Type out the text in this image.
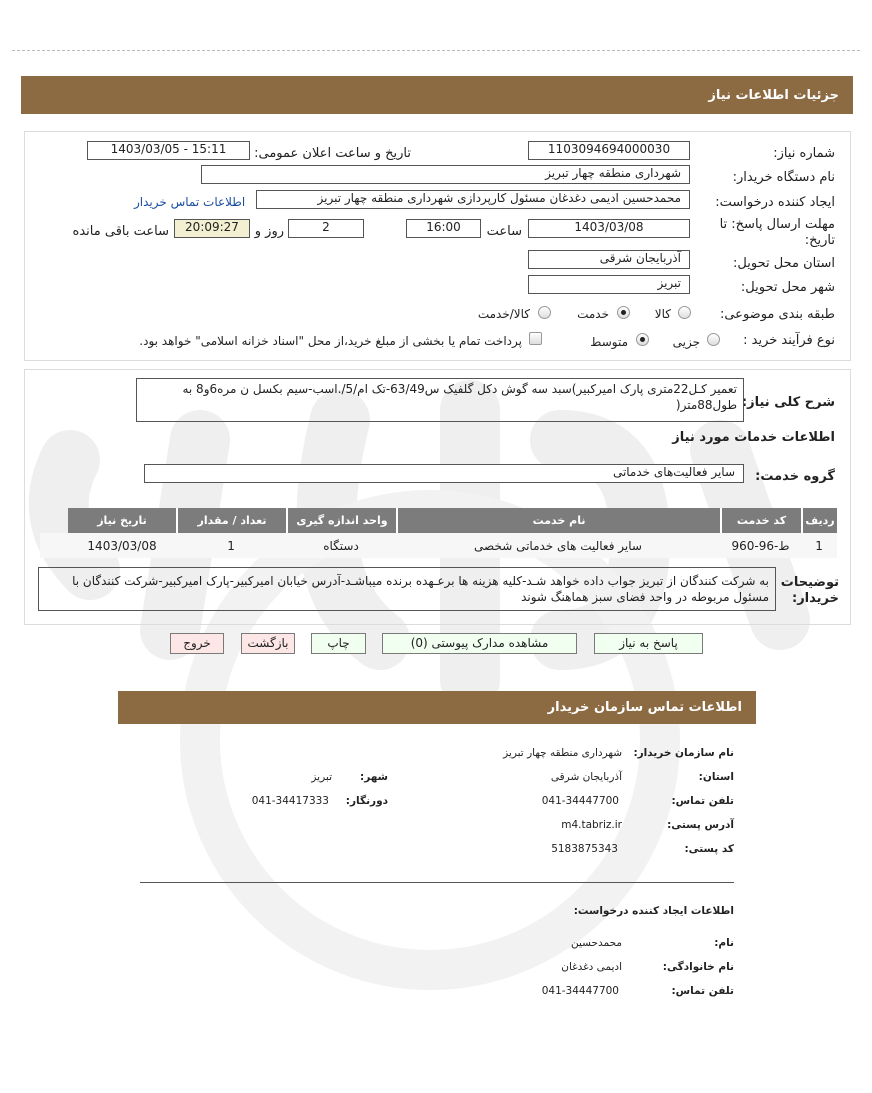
جزئیات اطلاعات نیاز
شماره نیاز:
1103094694000030
تاریخ و ساعت اعلان عمومی:
1403/03/05 - 15:11
نام دستگاه خریدار:
شهرداری منطقه چهار تبریز
ایجاد کننده درخواست:
محمدحسین ادیمی دغدغان مسئول کارپردازی شهرداری منطقه چهار تبریز
اطلاعات تماس خریدار
مهلت ارسال پاسخ: تا تاریخ:
1403/03/08
ساعت
16:00
2
روز و
20:09:27
ساعت باقی مانده
استان محل تحویل:
آذربایجان شرقی
شهر محل تحویل:
تبریز
طبقه بندی موضوعی:
کالا
خدمت
کالا/خدمت
نوع فرآیند خرید :
جزیی
متوسط
پرداخت تمام یا بخشی از مبلغ خرید،از محل "اسناد خزانه اسلامی" خواهد بود.
شرح کلی نیاز:
تعمیر کـل22متری پارک امیرکبیر)سبد سه گوش دکل گلفیک س63/49-تک ام/5/.اسب-سیم بکسل ن مره6و8 به طول88متر(
اطلاعات خدمات مورد نیاز
گروه خدمت:
سایر فعالیت‌های خدماتی
ردیف
کد خدمت
نام خدمت
واحد اندازه گیری
تعداد / مقدار
تاریخ نیاز
1
ط-96-960
سایر فعالیت های خدماتی شخصی
دستگاه
1
1403/03/08
توضیحات خریدار:
به شرکت کنندگان از تبریز جواب داده خواهد شـد-کلیه هزینه ها برعـهده برنده میباشـد-آدرس خیابان امیرکبیر-پارک امیرکبیر-شرکت کنندگان با مسئول مربوطه در واحد فضای سبز هماهنگ شوند
پاسخ به نیاز
مشاهده مدارک پیوستی (0)
چاپ
بازگشت
خروج
اطلاعات تماس سازمان خریدار
نام سازمان خریدار:
شهرداری منطقه چهار تبریز
استان:
آذربایجان شرقی
شهر:
تبریز
تلفن تماس:
041-34447700
دورنگار:
041-34417333
آدرس پستی:
m4.tabriz.ir
کد پستی:
5183875343
اطلاعات ایجاد کننده درخواست:
نام:
محمدحسین
نام خانوادگی:
ادیمی دغدغان
تلفن تماس:
041-34447700
